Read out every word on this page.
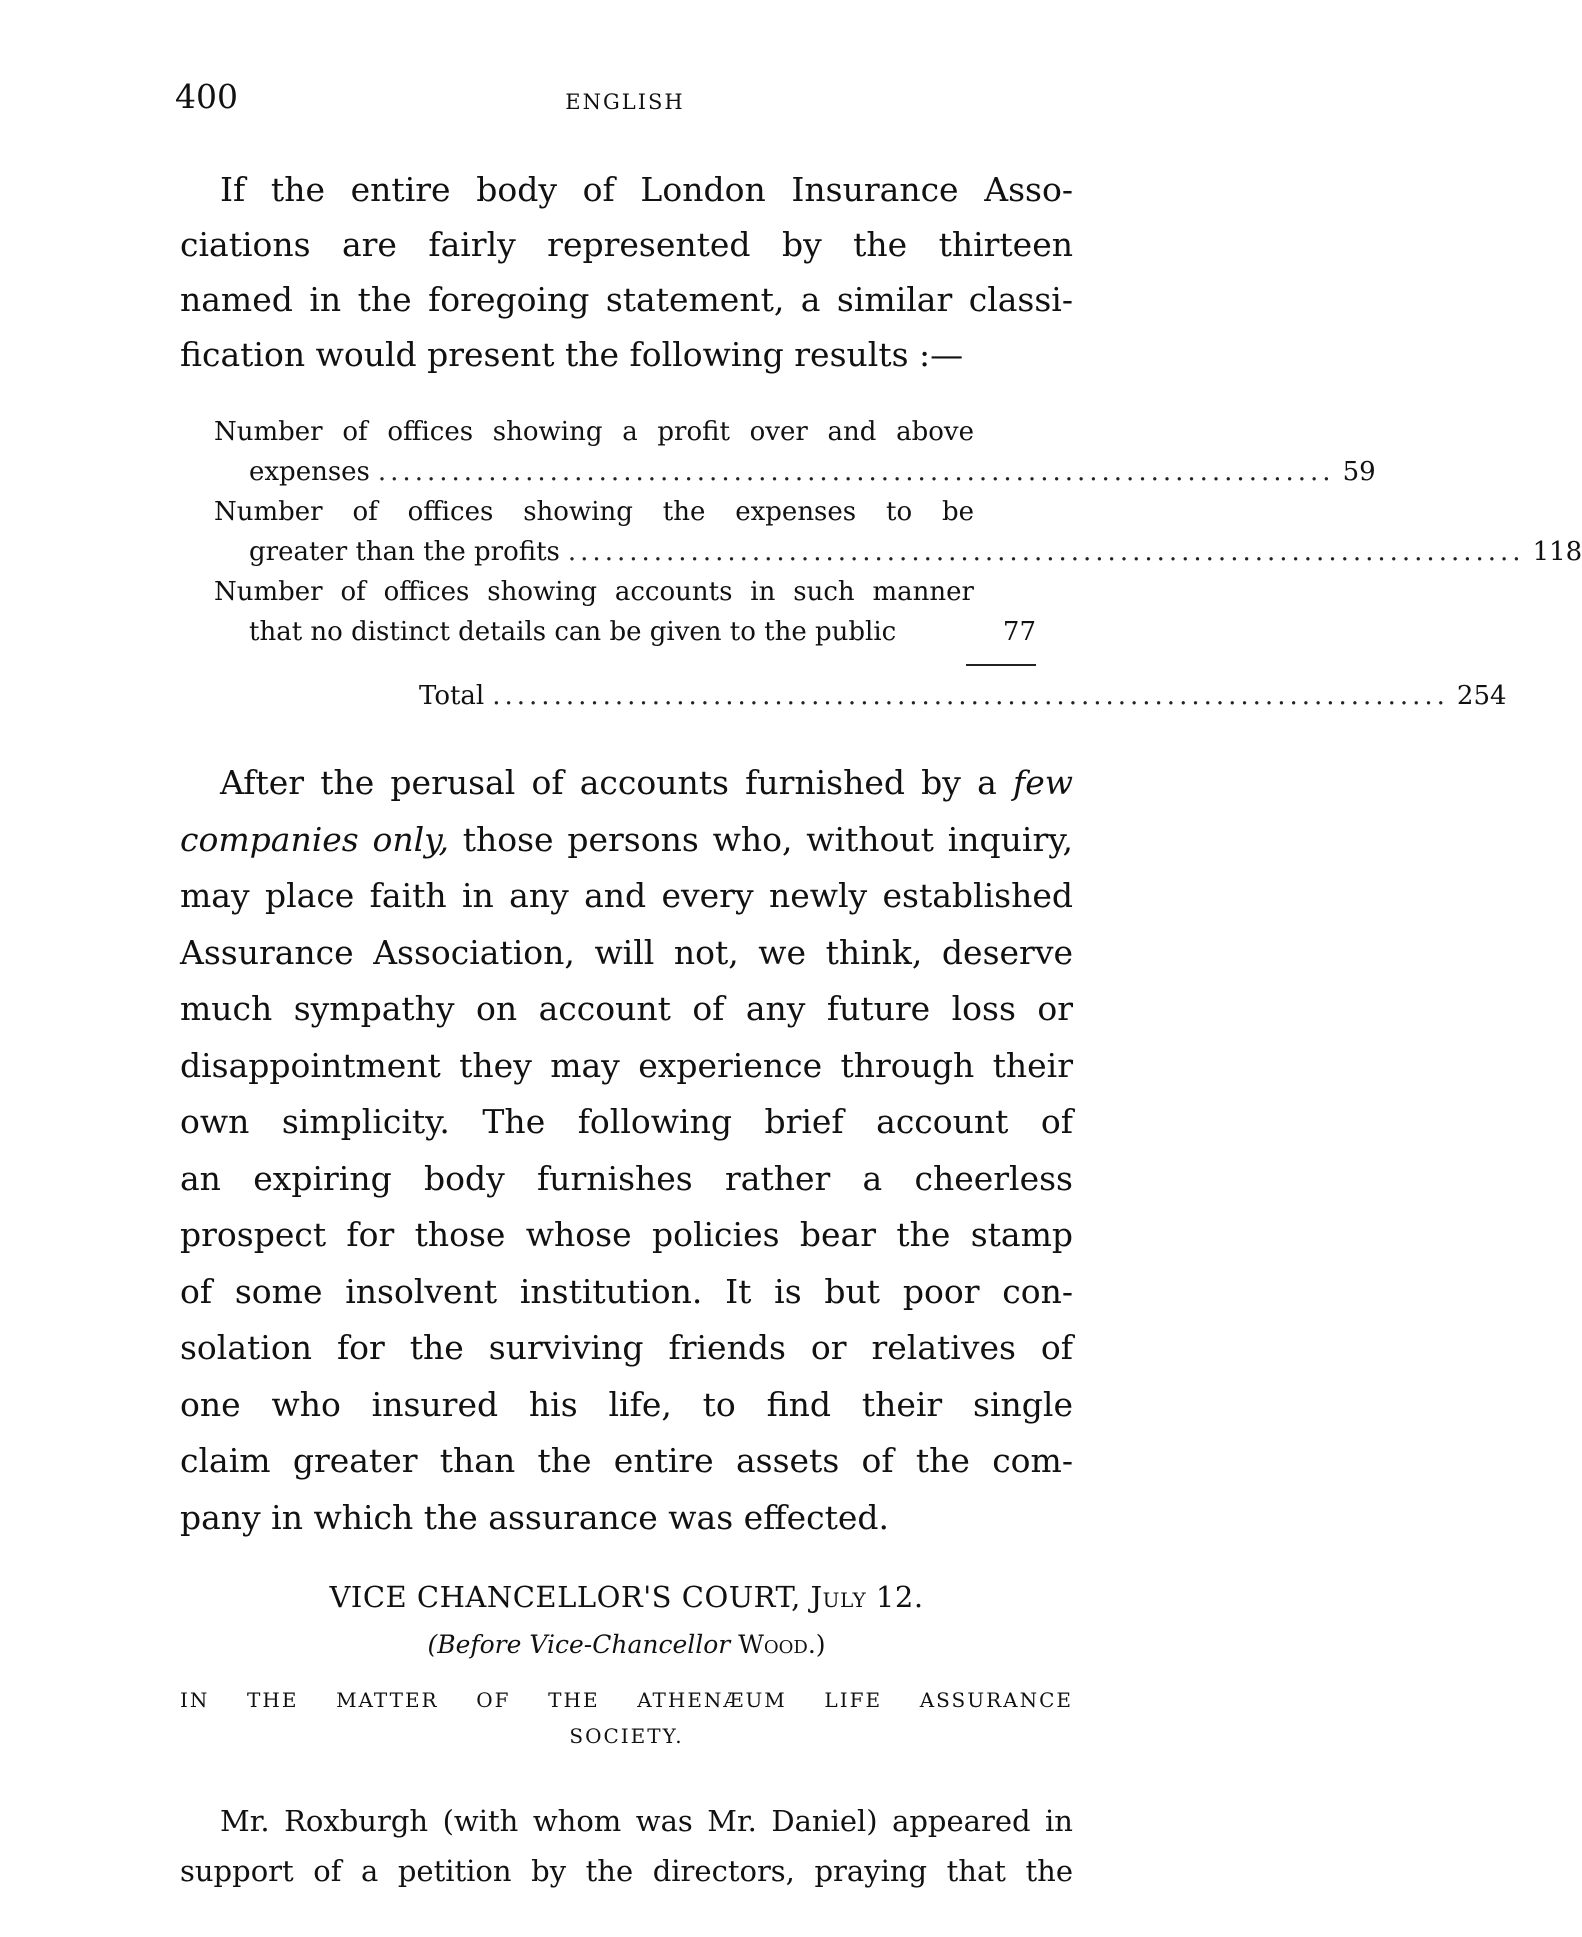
400	ENGLISH

If the entire body of London Insurance Asso-
ciations are fairly represented by the thirteen
named in the foregoing statement, a similar classi-
fication would present the following results :—

Number of offices showing a profit over and above
expenses .............................................................................. 59
Number of offices showing the expenses to be
greater than the profits .............................................................................. 118
Number of offices showing accounts in such manner
that no distinct details can be given to the public	77
Total .............................................................................. 254

After the perusal of accounts furnished by a few
companies only, those persons who, without inquiry,
may place faith in any and every newly established
Assurance Association, will not, we think, deserve
much sympathy on account of any future loss or
disappointment they may experience through their
own simplicity. The following brief account of
an expiring body furnishes rather a cheerless
prospect for those whose policies bear the stamp
of some insolvent institution. It is but poor con-
solation for the surviving friends or relatives of
one who insured his life, to find their single
claim greater than the entire assets of the com-
pany in which the assurance was effected.

VICE CHANCELLOR'S COURT, July 12.
(Before Vice-Chancellor Wood.)
IN THE MATTER OF THE ATHENÆUM LIFE ASSURANCE
SOCIETY.

Mr. Roxburgh (with whom was Mr. Daniel) appeared in
support of a petition by the directors, praying that the
